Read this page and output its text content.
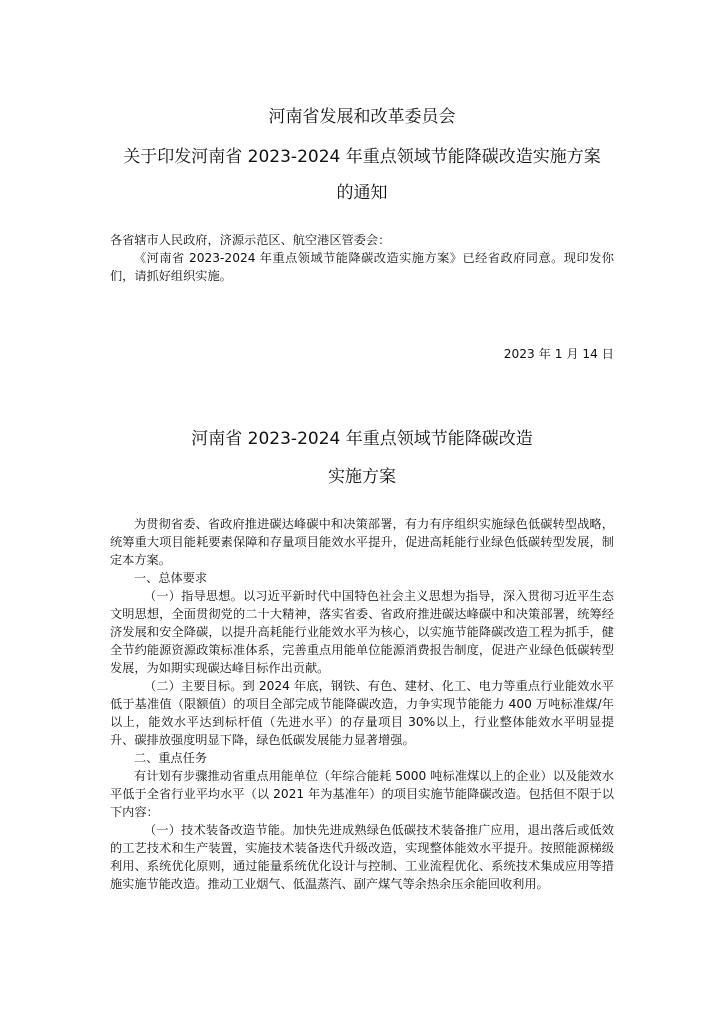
河南省发展和改革委员会
关于印发河南省 2023-2024 年重点领域节能降碳改造实施方案
的通知

各省辖市人民政府，济源示范区、航空港区管委会：

《河南省 2023-2024 年重点领域节能降碳改造实施方案》已经省政府同意。现印发你们，请抓好组织实施。

2023 年 1 月 14 日
河南省 2023-2024 年重点领域节能降碳改造
实施方案

为贯彻省委、省政府推进碳达峰碳中和决策部署，有力有序组织实施绿色低碳转型战略，统筹重大项目能耗要素保障和存量项目能效水平提升，促进高耗能行业绿色低碳转型发展，制定本方案。

一、总体要求

（一）指导思想。以习近平新时代中国特色社会主义思想为指导，深入贯彻习近平生态文明思想，全面贯彻党的二十大精神，落实省委、省政府推进碳达峰碳中和决策部署，统筹经济发展和安全降碳，以提升高耗能行业能效水平为核心，以实施节能降碳改造工程为抓手，健全节约能源资源政策标准体系，完善重点用能单位能源消费报告制度，促进产业绿色低碳转型发展，为如期实现碳达峰目标作出贡献。

（二）主要目标。到 2024 年底，钢铁、有色、建材、化工、电力等重点行业能效水平低于基准值（限额值）的项目全部完成节能降碳改造，力争实现节能能力 400 万吨标准煤/年以上，能效水平达到标杆值（先进水平）的存量项目 30%以上，行业整体能效水平明显提升、碳排放强度明显下降，绿色低碳发展能力显著增强。

二、重点任务

有计划有步骤推动省重点用能单位（年综合能耗 5000 吨标准煤以上的企业）以及能效水平低于全省行业平均水平（以 2021 年为基准年）的项目实施节能降碳改造。包括但不限于以下内容：

（一）技术装备改造节能。加快先进成熟绿色低碳技术装备推广应用，退出落后或低效的工艺技术和生产装置，实施技术装备迭代升级改造，实现整体能效水平提升。按照能源梯级利用、系统优化原则，通过能量系统优化设计与控制、工业流程优化、系统技术集成应用等措施实施节能改造。推动工业烟气、低温蒸汽、副产煤气等余热余压余能回收利用。
